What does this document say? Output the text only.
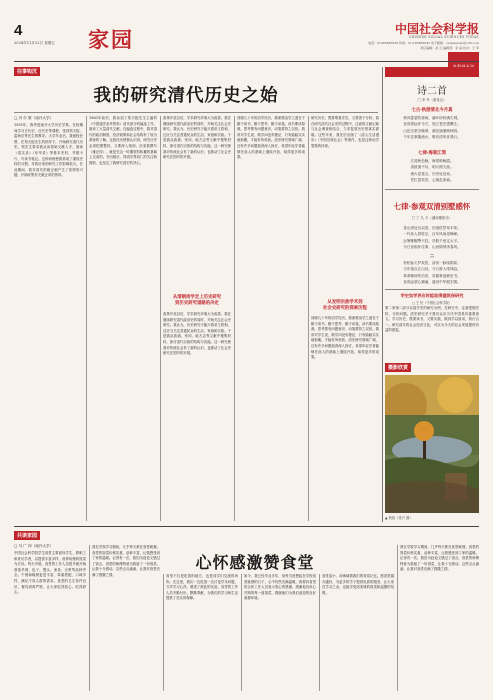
4
2024年11月22日 星期五 家园	中国社会科学报
CHINESE SOCIAL SCIENCES TODAY
电话：01085885838 传真：010-85885845 电子邮箱：csstjiayuan@126.com
责任编辑：孙 云 编辑部：李 丽 校对：王 军
往事钩沉
我的研究清代历史之始
□ 冯 尔 康（南开大学）
1955年，我考进南开大学历史学系，在校期间学习古代史、近代史等课程，受到郑天挺、雷海宗等先生的教导。大学毕业后，我留校任教，在郑天挺先生的指导下，开始研究清代历史。郑先生要求我从读原始文献入手，阅读《清实录》《东华录》等基本史料，并做卡片、写读书笔记。这种训练使我养成了重视史料的习惯，对我后来的研究工作影响很大。在此期间，我对清代的雍正朝产生了浓厚的兴趣，开始收集有关雍正帝的资料。
1960年前后，我参加了郑天挺先生主编的《中国通史参考资料》清代部分的编选工作，阅读了大量清代文献。在编选过程中，我对清代的政治制度、经济政策和社会结构有了较为系统的了解。这段经历使我认识到，研究历史必须把握整体，又要深入细部。后来我撰写《雍正传》，就是在这一时期资料积累的基础上完成的。书出版后，得到学界同仁的关注和鼓励，也坚定了我研究清史的决心。
改革开放以后，学术研究环境大为改善。我在继续研究清代政治史的同时，开始关注社会史研究。我认为，历史研究不能只看帝王将相，还应当关注普通民众的生活、家庭和宗族。于是我从族谱、家训、地方志等文献中搜集材料，探讨清代宗族的结构与功能。这一研究使我对传统社会有了新的认识，也推动了社会史研究在国内的开展。
从清朝尚学走上历史研究
到历史研究道路的决定
改革开放以后，学术研究环境大为改善。我在继续研究清代政治史的同时，开始关注社会史研究。我认为，历史研究不能只看帝王将相，还应当关注普通民众的生活、家庭和宗族。于是我从族谱、家训、地方志等文献中搜集材料，探讨清代宗族的结构与功能。这一研究使我对传统社会有了新的认识，也推动了社会史研究在国内的开展。
回顾几十年的治学经历，我深感治学之道在于勤于读书、勤于思考、勤于动笔。读书要读原典，思考要有问题意识，动笔要持之以恒。我常对学生说，做学问没有捷径，只有踏踏实实地积累，才能有所收获。清史研究领域广阔，还有许多问题值得深入探讨，希望年轻学者能够在前人的基础上继续开拓，取得更多的成果。
研究历史，既要尊重史实，又要善于分析。我在研究清代社会史的过程中，注意将文献记载与社会调查相结合，力求复原历史的真实面貌。这些年来，我先后出版了《清人生活漫步》《中国宗族社会》等著作，也是这种治学思路的体现。
从发明宗族学术到
社会史研究的探索历程
回顾几十年的治学经历，我深感治学之道在于勤于读书、勤于思考、勤于动笔。读书要读原典，思考要有问题意识，动笔要持之以恒。我常对学生说，做学问没有捷径，只有踏踏实实地积累，才能有所收获。清史研究领域广阔，还有许多问题值得深入探讨，希望年轻学者能够在前人的基础上继续开拓，取得更多的成果。
诗风词韵
诗二首
□ 李 丹（秦皇岛）
七古·秋游清北今月真
秋风瑟瑟吹寒雨，落叶纷纷满古城。
登高望远怀今古，独立苍茫感慨生。
山色空蒙含晚翠，湖光潋滟映秋明。
千年往事随流水，唯有清风伴我行。
七律·海棠江湾
江湾秋色晚，海棠映晚霞。
清波流不尽，明月照天涯。
渔火星星点，归舟处处家。
凭栏思故旧，心绪乱如麻。
七律·参观双清别墅感怀
□ 丁 久 天（湖南衡阳市）
香山深处访双清，旧迹依然草木荣。
一代伟人曾驻足，百年风雨见峥嵘。
运筹帷幄擎天柱，决胜千里定太平。
今日登临怀往事，山河锦绣沐春风。
二
松柏参天护故居，清泉一脉绕阶除。
当年指点江山处，今日游人络绎趋。
革命精神传后世，英雄事迹载史书。
登高远望心潮涌，盛世中华展宏图。
学史如学养应时能取得建筑保研究
□ 王 民（中国社会科学院）
第二家第二部分以清学史的研究为例，在研究中，注意把握史料，分析问题。清史研究对于我们认识当代中国具有重要意义。学习历史，既要读书，又要实践，做到学以致用，知行合一。研究清代的社会经济文化，可以为今天的社会发展提供有益的借鉴。
摄影欣赏
▲ 秋韵（张兴 摄）
共谈家园
□ 马 广 四（南开大学）
心怀感激赞食堂
中国社会科学院学生食堂主要面向学生、教职工和来访学者，以提供丰富多样、营养均衡的饭菜为宗旨。每天早晨，食堂的工作人员很早就开始准备早餐，包子、馒头、油条、豆浆等品种齐全。午餐和晚餐更是丰富，荤素搭配，口味多样，满足不同人群的需求。食堂的卫生条件良好，餐具消毒严格，让大家吃得放心、吃得舒心。
我在学校学习期间，几乎每天都在食堂就餐。食堂的饭菜价格实惠，品种丰富，让我感受到了家的温暖。记得有一次，我因为赶论文错过了饭点，食堂的师傅特意为我留了一份饭菜，让我十分感动。这些点点滴滴，让我对食堂充满了感激之情。	食堂不仅是吃饭的地方，也是同学们交流的场所。在这里，我们一边吃饭一边讨论学术问题，分享学习心得，增进了彼此的友谊。食堂的工作人员辛勤付出，默默奉献，为我们的学习和生活提供了坚实的保障。
如今，我已经毕业多年，但每当回想起在学校食堂就餐的日子，心中仍然充满温暖。我要向食堂的全体工作人员表示衷心的感谢，感谢他们用心烹制的每一道饭菜，感谢他们为我们创造的良好就餐环境。
食堂虽小，却承载着我们的青春记忆。愿食堂越办越好，为更多的学子提供优质的服务，让大家在学习之余，也能享受到美味的饭菜和温馨的氛围。
我在学校学习期间，几乎每天都在食堂就餐。食堂的饭菜价格实惠，品种丰富，让我感受到了家的温暖。记得有一次，我因为赶论文错过了饭点，食堂的师傅特意为我留了一份饭菜，让我十分感动。这些点点滴滴，让我对食堂充满了感激之情。
